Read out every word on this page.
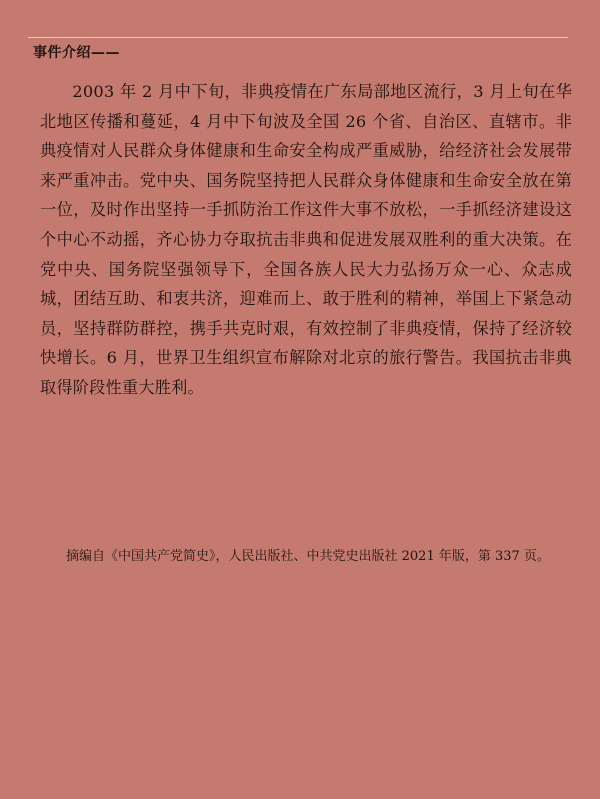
事件介绍——
2003 年 2 月中下旬，非典疫情在广东局部地区流行，3 月上旬在华北地区传播和蔓延，4 月中下旬波及全国 26 个省、自治区、直辖市。非典疫情对人民群众身体健康和生命安全构成严重威胁，给经济社会发展带来严重冲击。党中央、国务院坚持把人民群众身体健康和生命安全放在第一位，及时作出坚持一手抓防治工作这件大事不放松，一手抓经济建设这个中心不动摇，齐心协力夺取抗击非典和促进发展双胜利的重大决策。在党中央、国务院坚强领导下，全国各族人民大力弘扬万众一心、众志成城，团结互助、和衷共济，迎难而上、敢于胜利的精神，举国上下紧急动员，坚持群防群控，携手共克时艰，有效控制了非典疫情，保持了经济较快增长。6 月，世界卫生组织宣布解除对北京的旅行警告。我国抗击非典取得阶段性重大胜利。
摘编自《中国共产党简史》，人民出版社、中共党史出版社 2021 年版，第 337 页。
